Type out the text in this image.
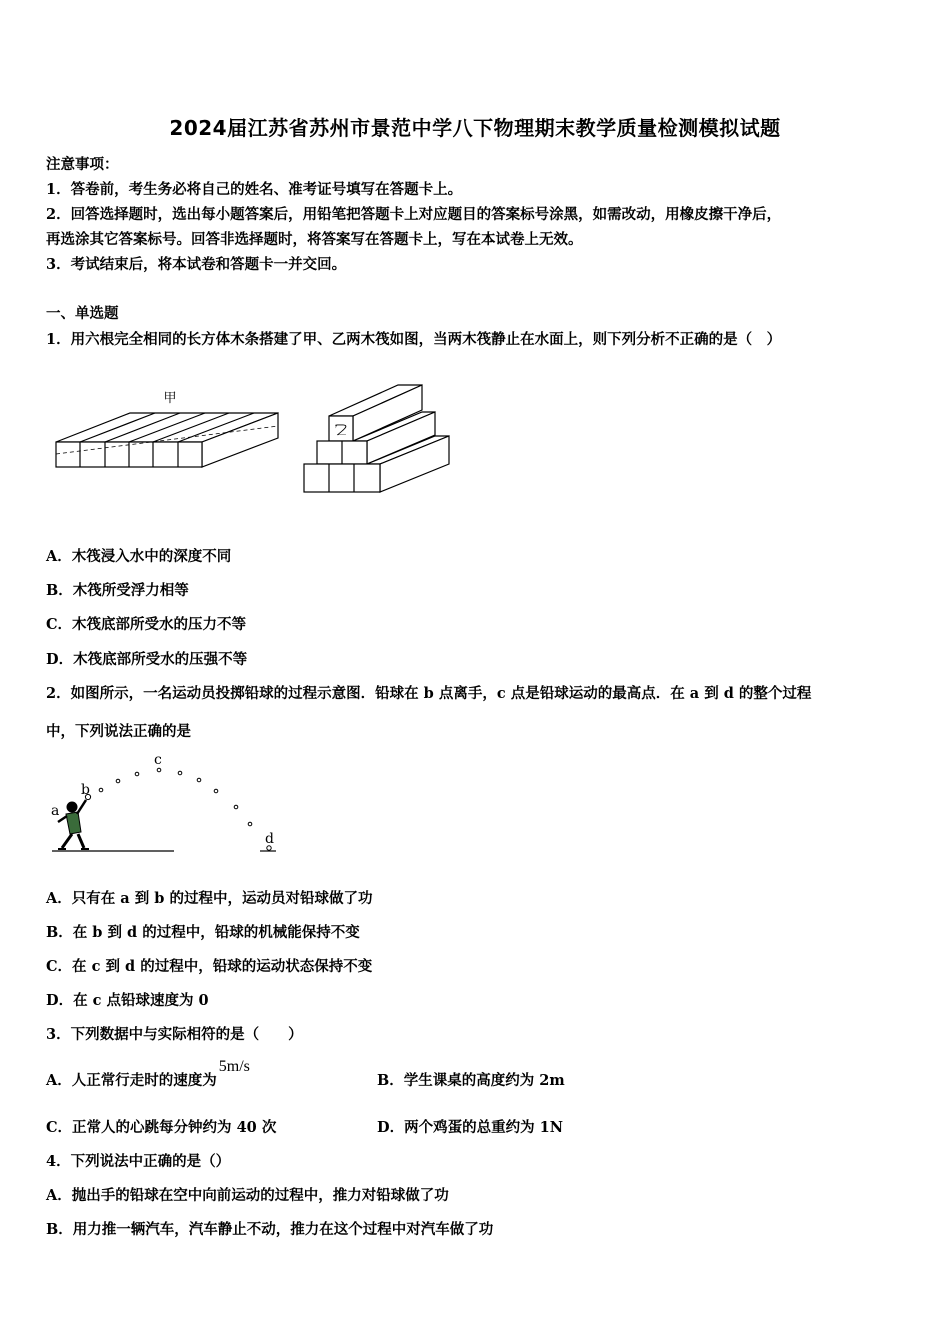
2024届江苏省苏州市景范中学八下物理期末教学质量检测模拟试题
注意事项：
1．答卷前，考生务必将自己的姓名、准考证号填写在答题卡上。
2．回答选择题时，选出每小题答案后，用铅笔把答题卡上对应题目的答案标号涂黑，如需改动，用橡皮擦干净后，
再选涂其它答案标号。回答非选择题时，将答案写在答题卡上，写在本试卷上无效。
3．考试结束后，将本试卷和答题卡一并交回。
一、单选题
1．用六根完全相同的长方体木条搭建了甲、乙两木筏如图，当两木筏静止在水面上，则下列分析不正确的是（　）
甲
乙
A．木筏浸入水中的深度不同
B．木筏所受浮力相等
C．木筏底部所受水的压力不等
D．木筏底部所受水的压强不等
2．如图所示，一名运动员投掷铅球的过程示意图．铅球在 b 点离手，c 点是铅球运动的最高点．在 a 到 d 的整个过程
中，下列说法正确的是
a
b
c
d
A．只有在 a 到 b 的过程中，运动员对铅球做了功
B．在 b 到 d 的过程中，铅球的机械能保持不变
C．在 c 到 d 的过程中，铅球的运动状态保持不变
D．在 c 点铅球速度为 0
3．下列数据中与实际相符的是（　　）
A．人正常行走时的速度为5m/s
B．学生课桌的高度约为 2m
C．正常人的心跳每分钟约为 40 次	D．两个鸡蛋的总重约为 1N
4．下列说法中正确的是（）
A．抛出手的铅球在空中向前运动的过程中，推力对铅球做了功
B．用力推一辆汽车，汽车静止不动，推力在这个过程中对汽车做了功
